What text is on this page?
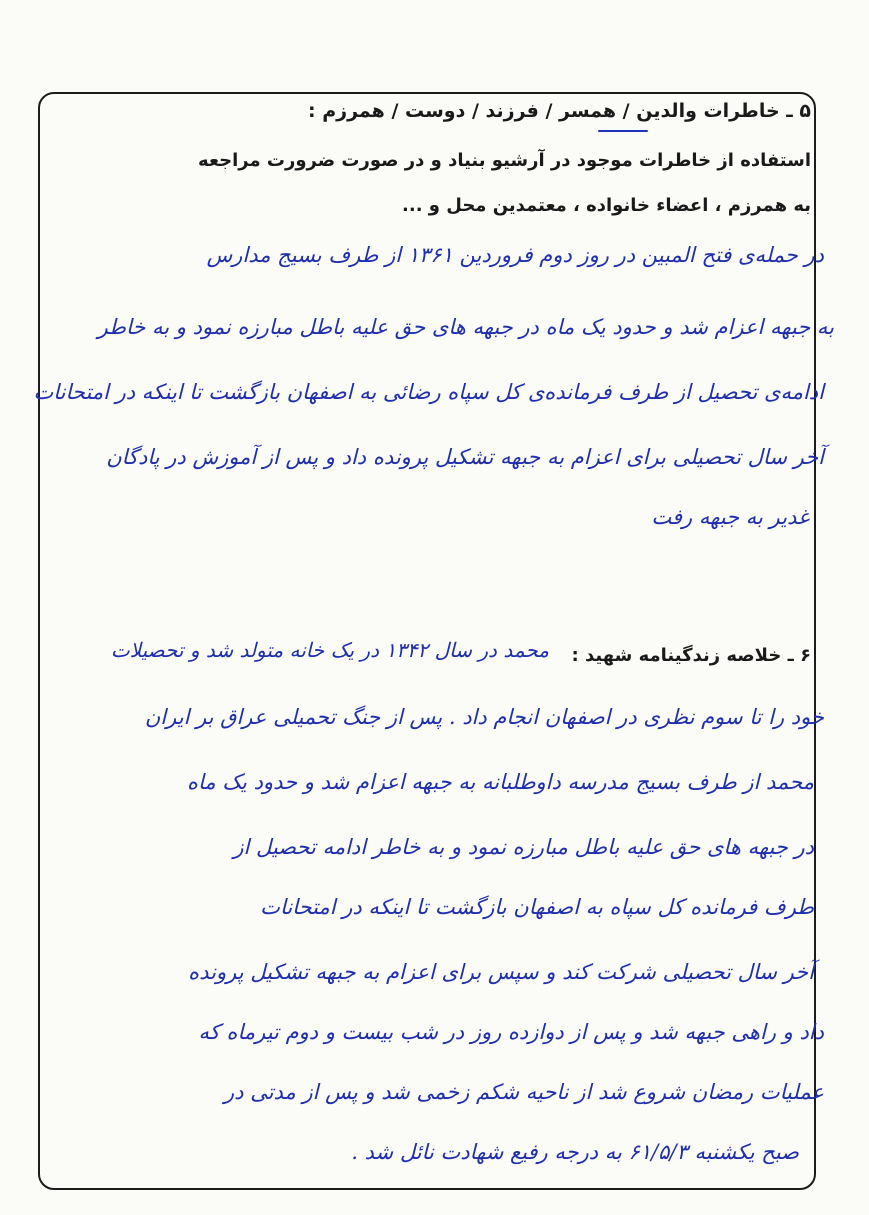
۵ ـ خاطرات والدین / همسر / فرزند / دوست / همرزم :
استفاده از خاطرات موجود در آرشیو بنیاد و در صورت ضرورت مراجعه
به همرزم ، اعضاء خانواده ، معتمدین محل و ...
در حمله‌ی فتح المبین در روز دوم فروردین ۱۳۶۱ از طرف بسیج مدارس
به جبهه اعزام شد و حدود یک ماه در جبهه های حق علیه باطل مبارزه نمود و به خاطر
ادامه‌ی تحصیل از طرف فرمانده‌ی کل سپاه رضائی به اصفهان بازگشت تا اینکه در امتحانات
آخر سال تحصیلی برای اعزام به جبهه تشکیل پرونده داد و پس از آموزش در پادگان
غدیر به جبهه رفت
۶ ـ خلاصه زندگینامه شهید :
محمد در سال ۱۳۴۲ در یک خانه متولد شد و تحصیلات
خود را تا سوم نظری در اصفهان انجام داد . پس از جنگ تحمیلی عراق بر ایران
محمد از طرف بسیج مدرسه داوطلبانه به جبهه اعزام شد و حدود یک ماه
در جبهه های حق علیه باطل مبارزه نمود و به خاطر ادامه تحصیل از
طرف فرمانده کل سپاه به اصفهان بازگشت تا اینکه در امتحانات
آخر سال تحصیلی شرکت کند و سپس برای اعزام به جبهه تشکیل پرونده
داد و راهی جبهه شد و پس از دوازده روز در شب بیست و دوم تیرماه که
عملیات رمضان شروع شد از ناحیه شکم زخمی شد و پس از مدتی در
صبح یکشنبه ۶۱/۵/۳ به درجه رفیع شهادت نائل شد .
